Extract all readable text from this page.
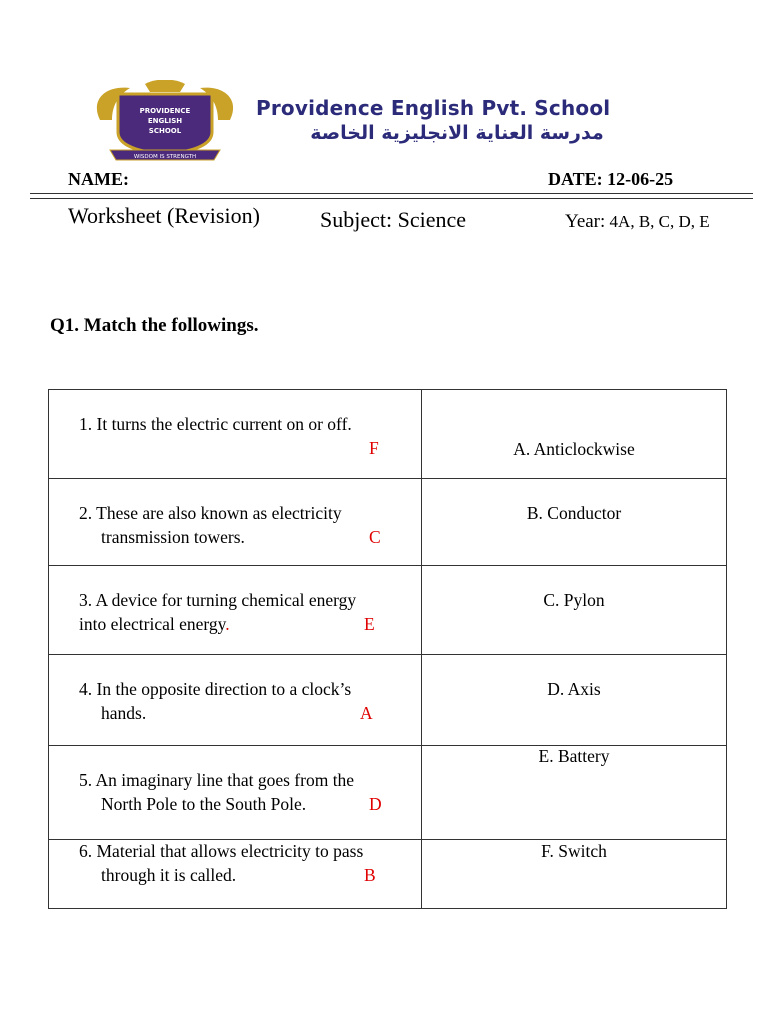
PROVIDENCE
ENGLISH
SCHOOL
WISDOM IS STRENGTH
Providence English Pvt. School
مدرسة العناية الانجليزية الخاصة
NAME:	DATE: 12-06-25
Worksheet (Revision)	Subject: Science	Year: 4A, B, C, D, E
Q1. Match the followings.
1. It turns the electric current on or off.
F	A. Anticlockwise

2. These are also known as electricity
transmission towers. C	B. Conductor

3. A device for turning chemical energy
into electrical energy. E	C. Pylon

4. In the opposite direction to a clock’s
hands. A	D. Axis

5. An imaginary line that goes from the
North Pole to the South Pole. D	E. Battery

6. Material that allows electricity to pass
through it is called. B	F. Switch
